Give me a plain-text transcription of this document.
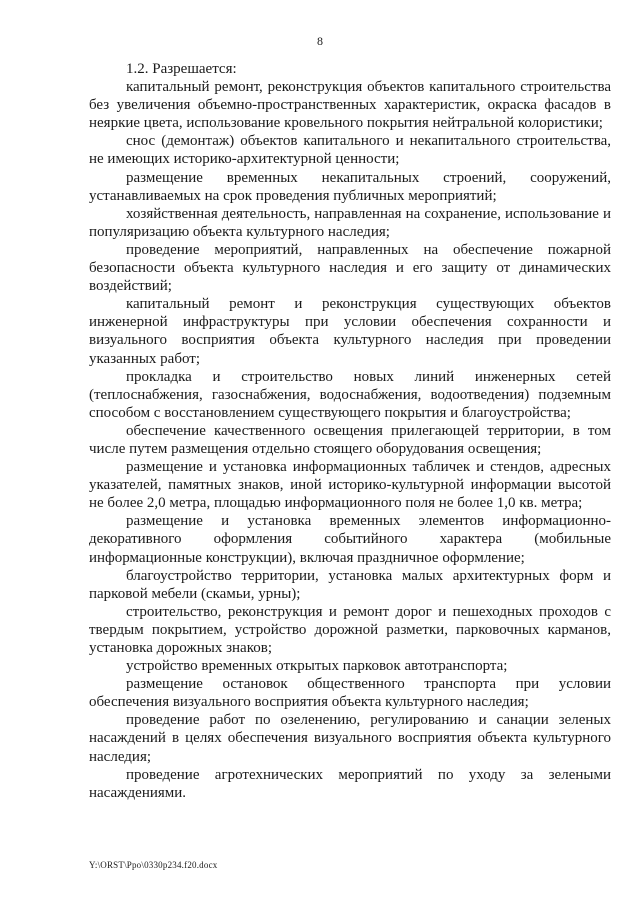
8

1.2. Разрешается:

капитальный ремонт, реконструкция объектов капитального строительства без увеличения объемно-пространственных характеристик, окраска фасадов в неяркие цвета, использование кровельного покрытия нейтральной колористики;

снос (демонтаж) объектов капитального и некапитального строительства, не имеющих историко-архитектурной ценности;

размещение временных некапитальных строений, сооружений, устанавливаемых на срок проведения публичных мероприятий;

хозяйственная деятельность, направленная на сохранение, использование и популяризацию объекта культурного наследия;

проведение мероприятий, направленных на обеспечение пожарной безопасности объекта культурного наследия и его защиту от динамических воздействий;

капитальный ремонт и реконструкция существующих объектов инженерной инфраструктуры при условии обеспечения сохранности и визуального восприятия объекта культурного наследия при проведении указанных работ;

прокладка и строительство новых линий инженерных сетей (теплоснабжения, газоснабжения, водоснабжения, водоотведения) подземным способом с восстановлением существующего покрытия и благоустройства;

обеспечение качественного освещения прилегающей территории, в том числе путем размещения отдельно стоящего оборудования освещения;

размещение и установка информационных табличек и стендов, адресных указателей, памятных знаков, иной историко-культурной информации высотой не более 2,0 метра, площадью информационного поля не более 1,0 кв. метра;

размещение и установка временных элементов информационно-декоративного оформления событийного характера (мобильные информационные конструкции), включая праздничное оформление;

благоустройство территории, установка малых архитектурных форм и парковой мебели (скамьи, урны);

строительство, реконструкция и ремонт дорог и пешеходных проходов с твердым покрытием, устройство дорожной разметки, парковочных карманов, установка дорожных знаков;

устройство временных открытых парковок автотранспорта;

размещение остановок общественного транспорта при условии обеспечения визуального восприятия объекта культурного наследия;

проведение работ по озеленению, регулированию и санации зеленых насаждений в целях обеспечения визуального восприятия объекта культурного наследия;

проведение агротехнических мероприятий по уходу за зелеными насаждениями.

Y:\ORST\Ppo\0330p234.f20.docx
